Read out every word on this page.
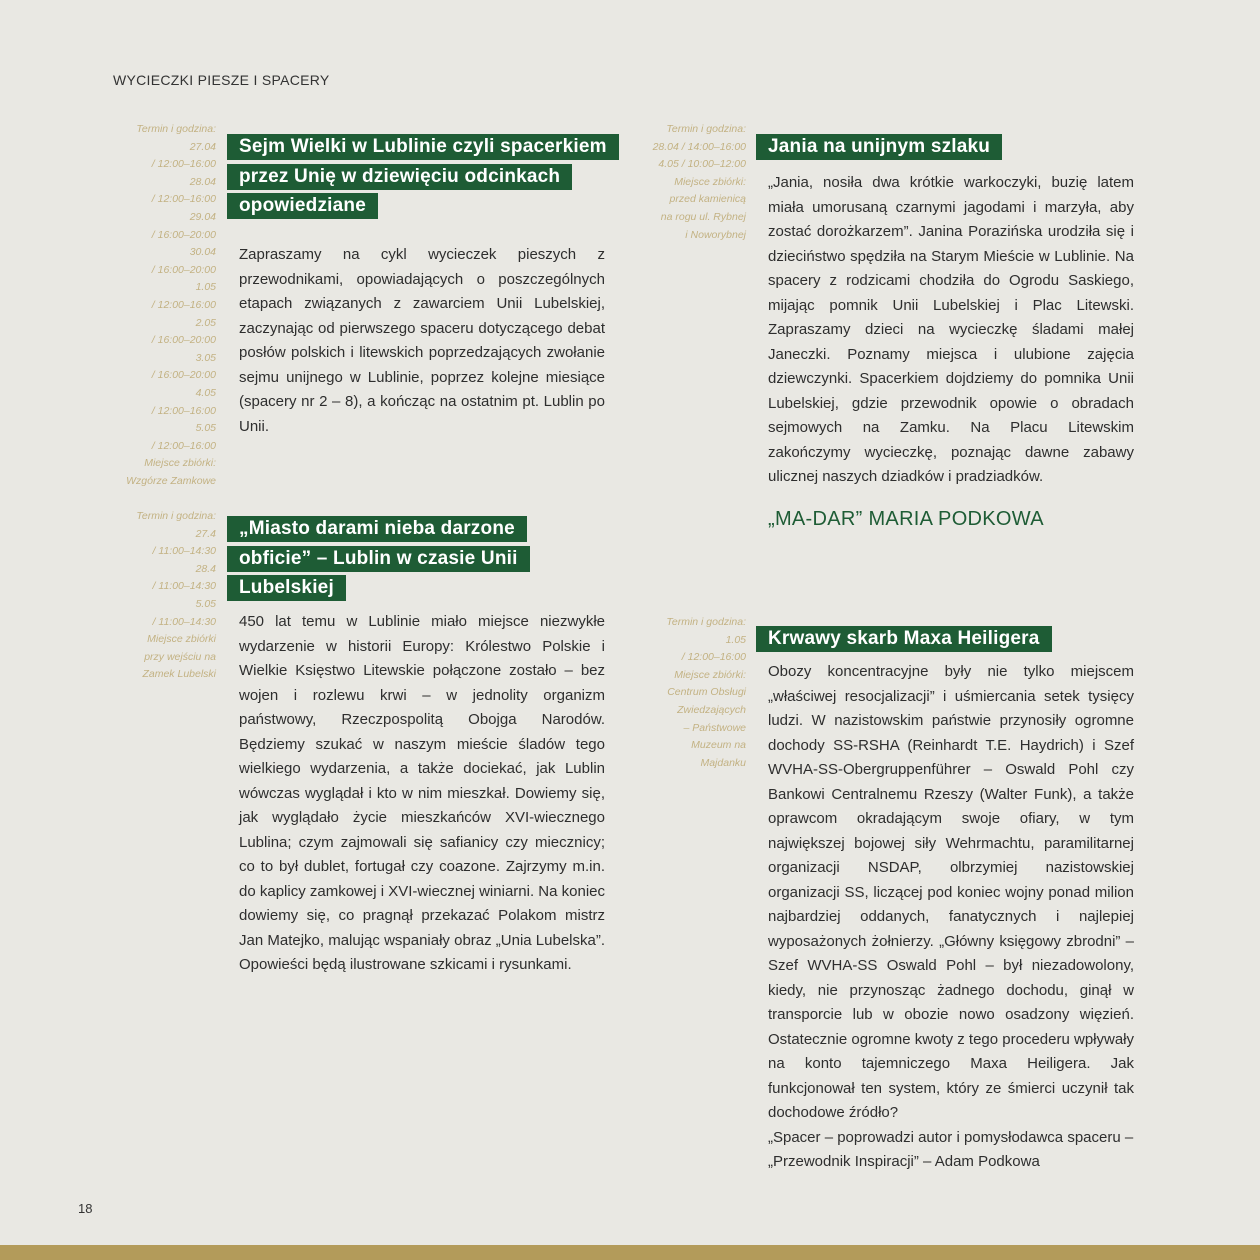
WYCIECZKI PIESZE I SPACERY
Termin i godzina:
27.04
/ 12:00–16:00
28.04
/ 12:00–16:00
29.04
/ 16:00–20:00
30.04
/ 16:00–20:00
1.05
/ 12:00–16:00
2.05
/ 16:00–20:00
3.05
/ 16:00–20:00
4.05
/ 12:00–16:00
5.05
/ 12:00–16:00
Miejsce zbiórki:
Wzgórze Zamkowe
Sejm Wielki w Lublinie czyli spacerkiem przez Unię w dziewięciu odcinkach opowiedziane

Zapraszamy na cykl wycieczek pieszych z przewodnikami, opowiadających o poszczególnych etapach związanych z zawarciem Unii Lubelskiej, zaczynając od pierwszego spaceru dotyczącego debat posłów polskich i litewskich poprzedzających zwołanie sejmu unijnego w Lublinie, poprzez kolejne miesiące (spacery nr 2 – 8), a kończąc na ostatnim pt. Lublin po Unii.

Termin i godzina:
27.4
/ 11:00–14:30
28.4
/ 11:00–14:30
5.05
/ 11:00–14:30
Miejsce zbiórki
przy wejściu na
Zamek Lubelski
„Miasto darami nieba darzone obficie” – Lublin w czasie Unii Lubelskiej

450 lat temu w Lublinie miało miejsce niezwykłe wydarzenie w historii Europy: Królestwo Polskie i Wielkie Księstwo Litewskie połączone zostało – bez wojen i rozlewu krwi – w jednolity organizm państwowy, Rzeczpospolitą Obojga Narodów. Będziemy szukać w naszym mieście śladów tego wielkiego wydarzenia, a także dociekać, jak Lublin wówczas wyglądał i kto w nim mieszkał. Dowiemy się, jak wyglądało życie mieszkańców XVI-wiecznego Lublina; czym zajmowali się safianicy czy miecznicy; co to był dublet, fortugał czy coazone. Zajrzymy m.in. do kaplicy zamkowej i XVI-wiecznej winiarni. Na koniec dowiemy się, co pragnął przekazać Polakom mistrz Jan Matejko, malując wspaniały obraz „Unia Lubelska”. Opowieści będą ilustrowane szkicami i rysunkami.

Termin i godzina:
28.04 / 14:00–16:00
4.05 / 10:00–12:00
Miejsce zbiórki:
przed kamienicą
na rogu ul. Rybnej
i Noworybnej
Jania na unijnym szlaku

„Jania, nosiła dwa krótkie warkoczyki, buzię latem miała umorusaną czarnymi jagodami i marzyła, aby zostać dorożkarzem”. Janina Porazińska urodziła się i dzieciństwo spędziła na Starym Mieście w Lublinie. Na spacery z rodzicami chodziła do Ogrodu Saskiego, mijając pomnik Unii Lubelskiej i Plac Litewski. Zapraszamy dzieci na wycieczkę śladami małej Janeczki. Poznamy miejsca i ulubione zajęcia dziewczynki. Spacerkiem dojdziemy do pomnika Unii Lubelskiej, gdzie przewodnik opowie o obradach sejmowych na Zamku. Na Placu Litewskim zakończymy wycieczkę, poznając dawne zabawy ulicznej naszych dziadków i pradziadków.

„MA-DAR” MARIA PODKOWA
Termin i godzina:
1.05
/ 12:00–16:00
Miejsce zbiórki:
Centrum Obsługi
Zwiedzających
– Państwowe
Muzeum na
Majdanku
Krwawy skarb Maxa Heiligera

Obozy koncentracyjne były nie tylko miejscem „właściwej resocjalizacji” i uśmiercania setek tysięcy ludzi. W nazistowskim państwie przynosiły ogromne dochody SS-RSHA (Reinhardt T.E. Haydrich) i Szef WVHA-SS-Obergruppenführer – Oswald Pohl czy Bankowi Centralnemu Rzeszy (Walter Funk), a także oprawcom okradającym swoje ofiary, w tym największej bojowej siły Wehrmachtu, paramilitarnej organizacji NSDAP, olbrzymiej nazistowskiej organizacji SS, liczącej pod koniec wojny ponad milion najbardziej oddanych, fanatycznych i najlepiej wyposażonych żołnierzy. „Główny księgowy zbrodni” – Szef WVHA-SS Oswald Pohl – był niezadowolony, kiedy, nie przynosząc żadnego dochodu, ginął w transporcie lub w obozie nowo osadzony więzień. Ostatecznie ogromne kwoty z tego procederu wpływały na konto tajemniczego Maxa Heiligera. Jak funkcjonował ten system, który ze śmierci uczynił tak dochodowe źródło?

„Spacer – poprowadzi autor i pomysłodawca spaceru – „Przewodnik Inspiracji” – Adam Podkowa

18
